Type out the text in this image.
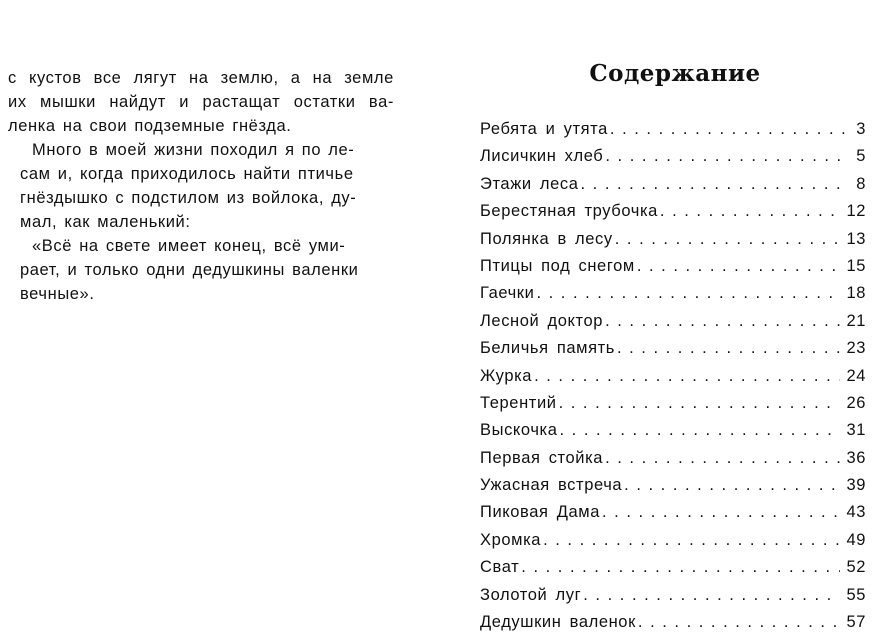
с кустов все лягут на землю, а на земле
их мышки найдут и растащат остатки ва-
ленка на свои подземные гнёзда.

Много в моей жизни походил я по ле-
сам и, когда приходилось найти птичье
гнёздышко с подстилом из войлока, ду-
мал, как маленький:

«Всё на свете имеет конец, всё уми-
рает, и только одни дедушкины валенки
вечные».

Содержание
Ребята и утята . . .	3
Лисичкин хлеб . . .	5
Этажи леса . . .	8
Берестяная трубочка . . .	12
Полянка в лесу . . .	13
Птицы под снегом . . .	15
Гаечки . . .	18
Лесной доктор . . .	21
Беличья память . . .	23
Журка . . .	24
Терентий . . .	26
Выскочка . . .	31
Первая стойка . . .	36
Ужасная встреча . . .	39
Пиковая Дама . . .	43
Хромка . . .	49
Сват . . .	52
Золотой луг . . .	55
Дедушкин валенок . . .	57
